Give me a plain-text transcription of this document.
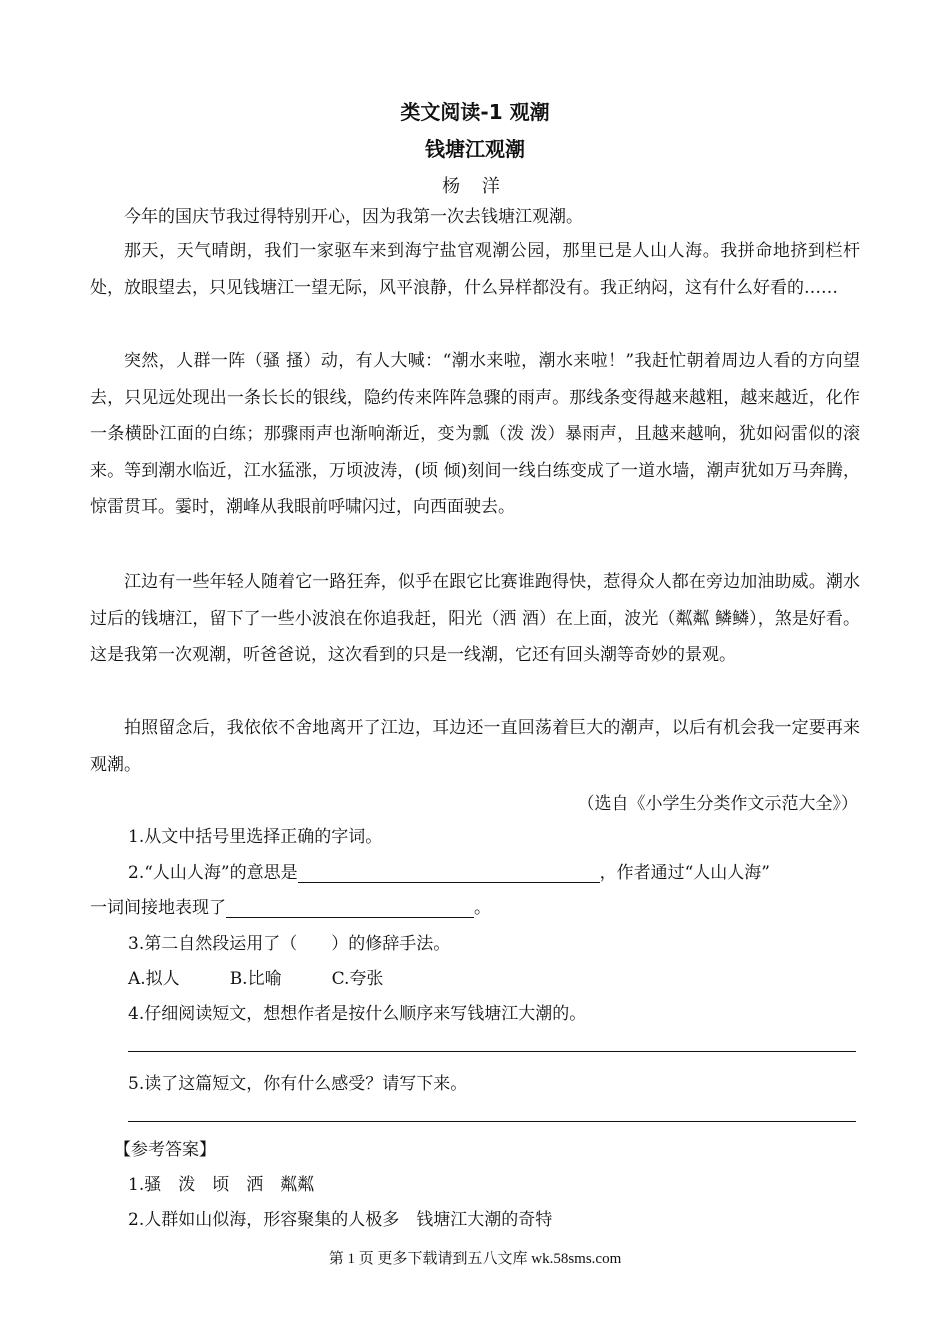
类文阅读-1 观潮
钱塘江观潮
杨 洋
今年的国庆节我过得特别开心，因为我第一次去钱塘江观潮。
那天，天气晴朗，我们一家驱车来到海宁盐官观潮公园，那里已是人山人海。我拼命地挤到栏杆处，放眼望去，只见钱塘江一望无际，风平浪静，什么异样都没有。我正纳闷，这有什么好看的……
突然，人群一阵（骚 搔）动，有人大喊：“潮水来啦，潮水来啦！”我赶忙朝着周边人看的方向望去，只见远处现出一条长长的银线，隐约传来阵阵急骤的雨声。那线条变得越来越粗，越来越近，化作一条横卧江面的白练；那骤雨声也渐响渐近，变为瓢（泼 泼）暴雨声，且越来越响，犹如闷雷似的滚来。等到潮水临近，江水猛涨，万顷波涛，(顷 倾)刻间一线白练变成了一道水墙，潮声犹如万马奔腾，惊雷贯耳。霎时，潮峰从我眼前呼啸闪过，向西面驶去。
江边有一些年轻人随着它一路狂奔，似乎在跟它比赛谁跑得快，惹得众人都在旁边加油助威。潮水过后的钱塘江，留下了一些小波浪在你追我赶，阳光（洒 酒）在上面，波光（粼粼 鳞鳞），煞是好看。这是我第一次观潮，听爸爸说，这次看到的只是一线潮，它还有回头潮等奇妙的景观。
拍照留念后，我依依不舍地离开了江边，耳边还一直回荡着巨大的潮声，以后有机会我一定要再来观潮。
（选自《小学生分类作文示范大全》）
1.从文中括号里选择正确的字词。
2.“人山人海”的意思是	，作者通过“人山人海”
一词间接地表现了	。
3.第二自然段运用了（　　）的修辞手法。
A.拟人	B.比喻	C.夸张
4.仔细阅读短文，想想作者是按什么顺序来写钱塘江大潮的。
5.读了这篇短文，你有什么感受？请写下来。
【参考答案】
1.骚　泼　顷　洒　粼粼
2.人群如山似海，形容聚集的人极多　钱塘江大潮的奇特
第 1 页 更多下载请到五八文库 wk.58sms.com
